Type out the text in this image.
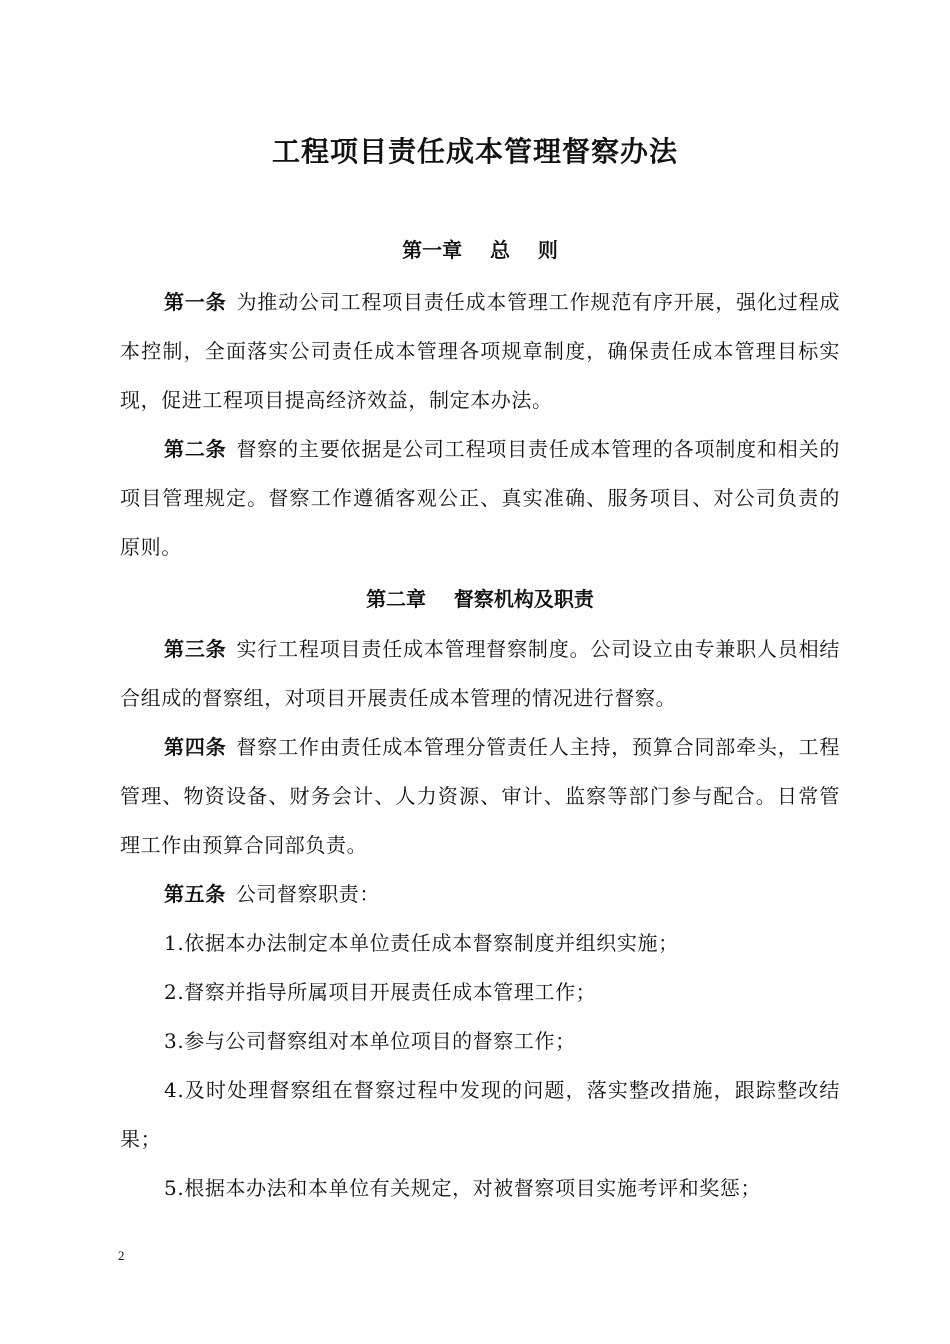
工程项目责任成本管理督察办法
第一章    总    则

第一条 为推动公司工程项目责任成本管理工作规范有序开展，强化过程成本控制，全面落实公司责任成本管理各项规章制度，确保责任成本管理目标实现，促进工程项目提高经济效益，制定本办法。

第二条 督察的主要依据是公司工程项目责任成本管理的各项制度和相关的项目管理规定。督察工作遵循客观公正、真实准确、服务项目、对公司负责的原则。

第二章    督察机构及职责

第三条 实行工程项目责任成本管理督察制度。公司设立由专兼职人员相结合组成的督察组，对项目开展责任成本管理的情况进行督察。

第四条 督察工作由责任成本管理分管责任人主持，预算合同部牵头，工程管理、物资设备、财务会计、人力资源、审计、监察等部门参与配合。日常管理工作由预算合同部负责。

第五条 公司督察职责：

1.依据本办法制定本单位责任成本督察制度并组织实施；

2.督察并指导所属项目开展责任成本管理工作；

3.参与公司督察组对本单位项目的督察工作；

4.及时处理督察组在督察过程中发现的问题，落实整改措施，跟踪整改结果；

5.根据本办法和本单位有关规定，对被督察项目实施考评和奖惩；

2
